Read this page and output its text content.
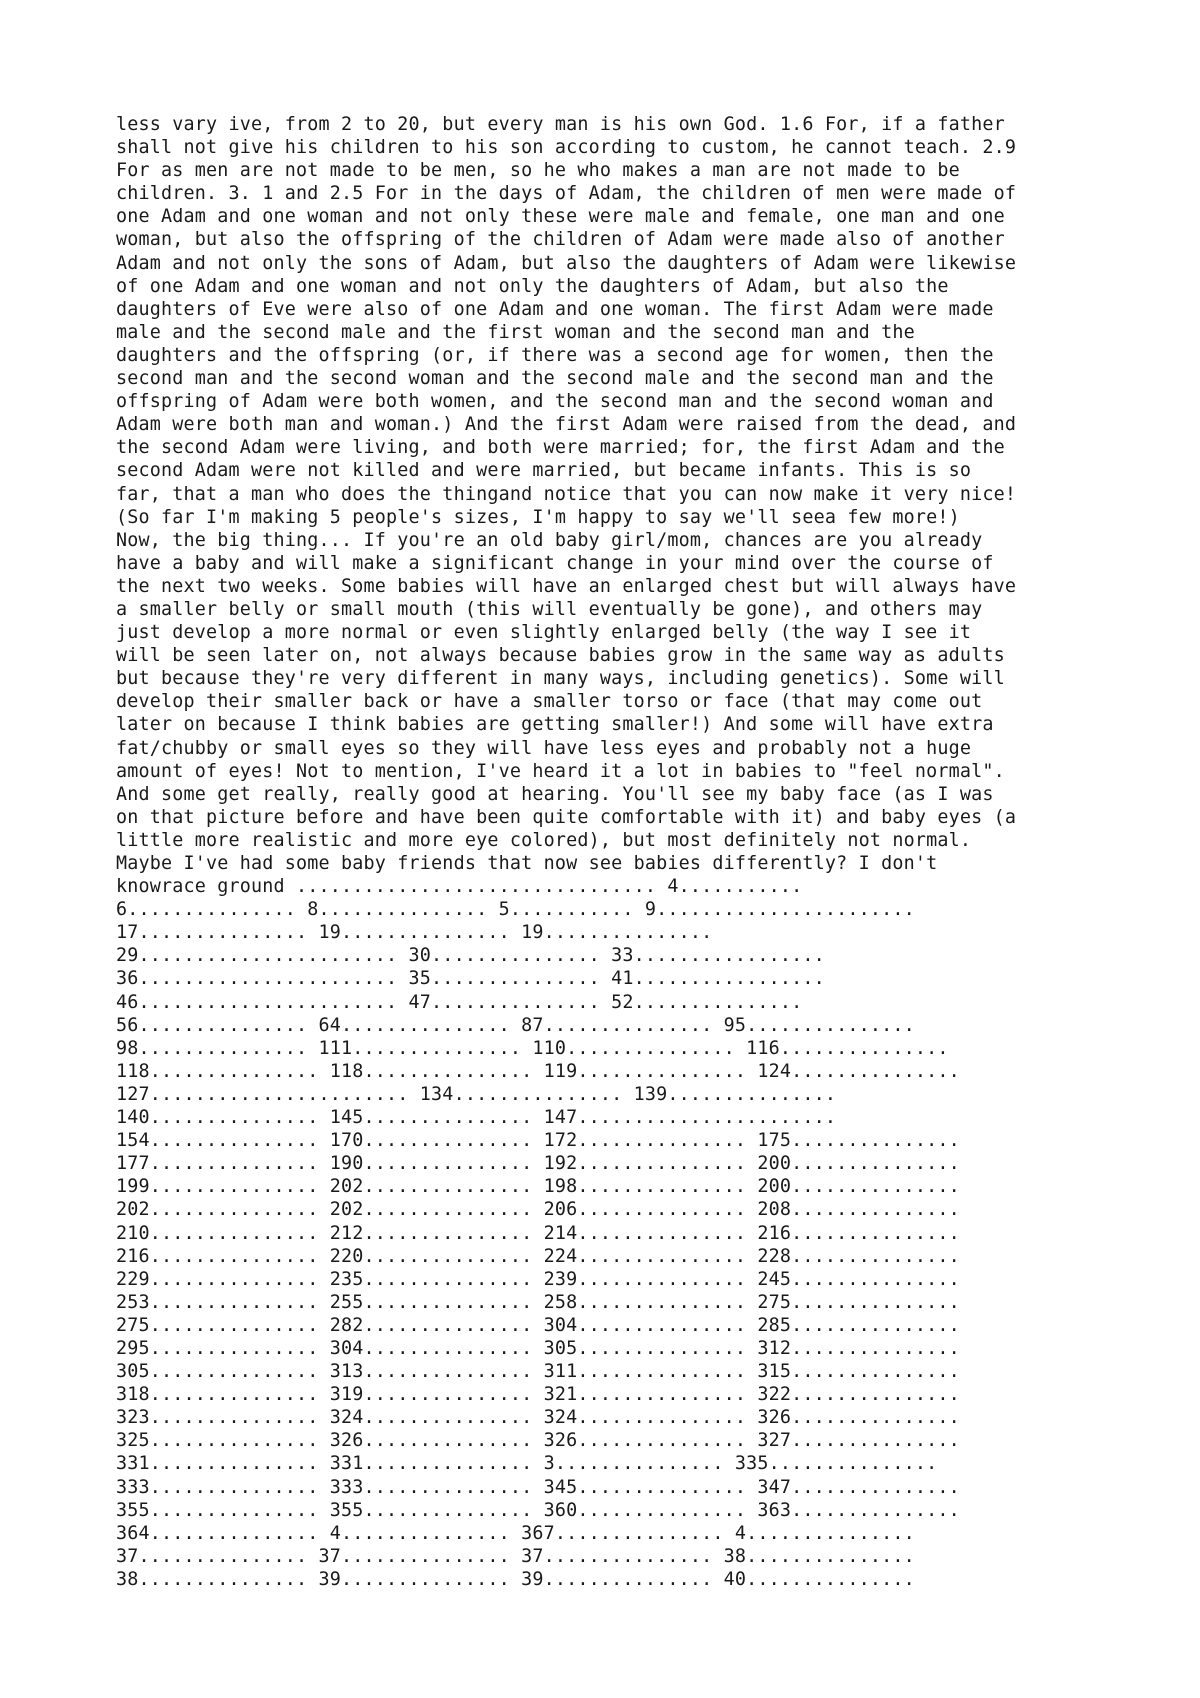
less vary ive, from 2 to 20, but every man is his own God. 1.6 For, if a father
shall not give his children to his son according to custom, he cannot teach. 2.9
For as men are not made to be men, so he who makes a man are not made to be
children. 3. 1 and 2.5 For in the days of Adam, the children of men were made of
one Adam and one woman and not only these were male and female, one man and one
woman, but also the offspring of the children of Adam were made also of another
Adam and not only the sons of Adam, but also the daughters of Adam were likewise
of one Adam and one woman and not only the daughters of Adam, but also the
daughters of Eve were also of one Adam and one woman. The first Adam were made
male and the second male and the first woman and the second man and the
daughters and the offspring (or, if there was a second age for women, then the
second man and the second woman and the second male and the second man and the
offspring of Adam were both women, and the second man and the second woman and
Adam were both man and woman.) And the first Adam were raised from the dead, and
the second Adam were living, and both were married; for, the first Adam and the
second Adam were not killed and were married, but became infants. This is so
far, that a man who does the thingand notice that you can now make it very nice!
(So far I'm making 5 people's sizes, I'm happy to say we'll seea few more!)
Now, the big thing... If you're an old baby girl/mom, chances are you already
have a baby and will make a significant change in your mind over the course of
the next two weeks. Some babies will have an enlarged chest but will always have
a smaller belly or small mouth (this will eventually be gone), and others may
just develop a more normal or even slightly enlarged belly (the way I see it
will be seen later on, not always because babies grow in the same way as adults
but because they're very different in many ways, including genetics). Some will
develop their smaller back or have a smaller torso or face (that may come out
later on because I think babies are getting smaller!) And some will have extra
fat/chubby or small eyes so they will have less eyes and probably not a huge
amount of eyes! Not to mention, I've heard it a lot in babies to "feel normal".
And some get really, really good at hearing. You'll see my baby face (as I was
on that picture before and have been quite comfortable with it) and baby eyes (a
little more realistic and more eye colored), but most definitely not normal.
Maybe I've had some baby friends that now see babies differently? I don't
knowrace ground ................................ 4...........
6............... 8............... 5........... 9.......................
17............... 19............... 19...............
29....................... 30............... 33.................
36....................... 35............... 41.................
46....................... 47............... 52...............
56............... 64............... 87............... 95...............
98............... 111............... 110............... 116...............
118............... 118............... 119............... 124...............
127....................... 134............... 139...............
140............... 145............... 147.......................
154............... 170............... 172............... 175...............
177............... 190............... 192............... 200...............
199............... 202............... 198............... 200...............
202............... 202............... 206............... 208...............
210............... 212............... 214............... 216...............
216............... 220............... 224............... 228...............
229............... 235............... 239............... 245...............
253............... 255............... 258............... 275...............
275............... 282............... 304............... 285...............
295............... 304............... 305............... 312...............
305............... 313............... 311............... 315...............
318............... 319............... 321............... 322...............
323............... 324............... 324............... 326...............
325............... 326............... 326............... 327...............
331............... 331............... 3............... 335...............
333............... 333............... 345............... 347...............
355............... 355............... 360............... 363...............
364............... 4............... 367............... 4...............
37............... 37............... 37............... 38...............
38............... 39............... 39............... 40...............
